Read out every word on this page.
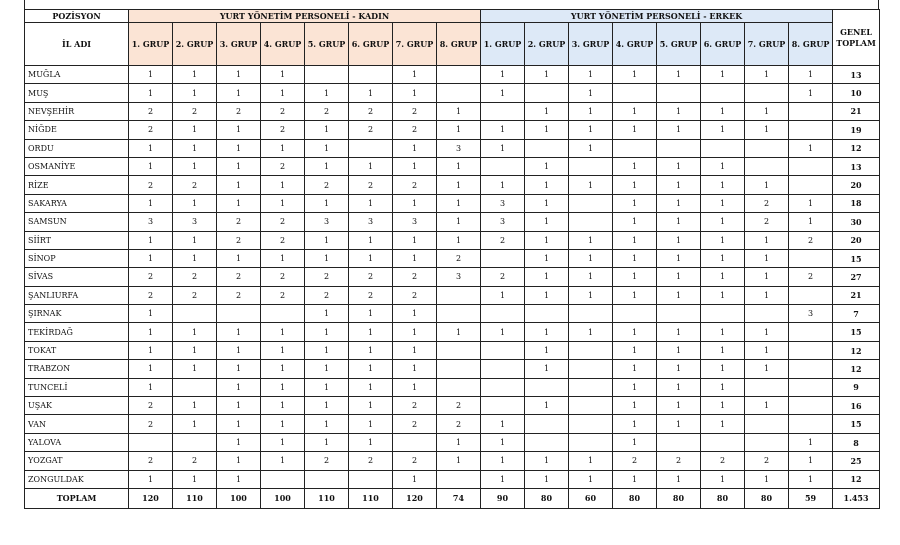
POZİSYON	YURT YÖNETİM PERSONELİ - KADIN								YURT YÖNETİM PERSONELİ - ERKEK								GENEL TOPLAM
İL ADI	1. GRUP	2. GRUP	3. GRUP	4. GRUP	5. GRUP	6. GRUP	7. GRUP	8. GRUP	1. GRUP	2. GRUP	3. GRUP	4. GRUP	5. GRUP	6. GRUP	7. GRUP	8. GRUP	
MUĞLA	1	1	1	1			1		1	1	1	1	1	1	1	1	13
MUŞ	1	1	1	1	1	1	1		1		1					1	10
NEVŞEHİR	2	2	2	2	2	2	2	1		1	1	1	1	1	1		21
NİĞDE	2	1	1	2	1	2	2	1	1	1	1	1	1	1	1		19
ORDU	1	1	1	1	1		1	3	1		1					1	12
OSMANİYE	1	1	1	2	1	1	1	1		1		1	1	1			13
RİZE	2	2	1	1	2	2	2	1	1	1	1	1	1	1	1		20
SAKARYA	1	1	1	1	1	1	1	1	3	1		1	1	1	2	1	18
SAMSUN	3	3	2	2	3	3	3	1	3	1		1	1	1	2	1	30
SİİRT	1	1	2	2	1	1	1	1	2	1	1	1	1	1	1	2	20
SİNOP	1	1	1	1	1	1	1	2		1	1	1	1	1	1		15
SİVAS	2	2	2	2	2	2	2	3	2	1	1	1	1	1	1	2	27
ŞANLIURFA	2	2	2	2	2	2	2		1	1	1	1	1	1	1		21
ŞIRNAK	1				1	1	1									3	7
TEKİRDAĞ	1	1	1	1	1	1	1	1	1	1	1	1	1	1	1		15
TOKAT	1	1	1	1	1	1	1			1		1	1	1	1		12
TRABZON	1	1	1	1	1	1	1			1		1	1	1	1		12
TUNCELİ	1		1	1	1	1	1					1	1	1			9
UŞAK	2	1	1	1	1	1	2	2		1		1	1	1	1		16
VAN	2	1	1	1	1	1	2	2	1			1	1	1			15
YALOVA			1	1	1	1		1	1			1				1	8
YOZGAT	2	2	1	1	2	2	2	1	1	1	1	2	2	2	2	1	25
ZONGULDAK	1	1	1				1		1	1	1	1	1	1	1	1	12
TOPLAM	120	110	100	100	110	110	120	74	90	80	60	80	80	80	80	59	1.453
